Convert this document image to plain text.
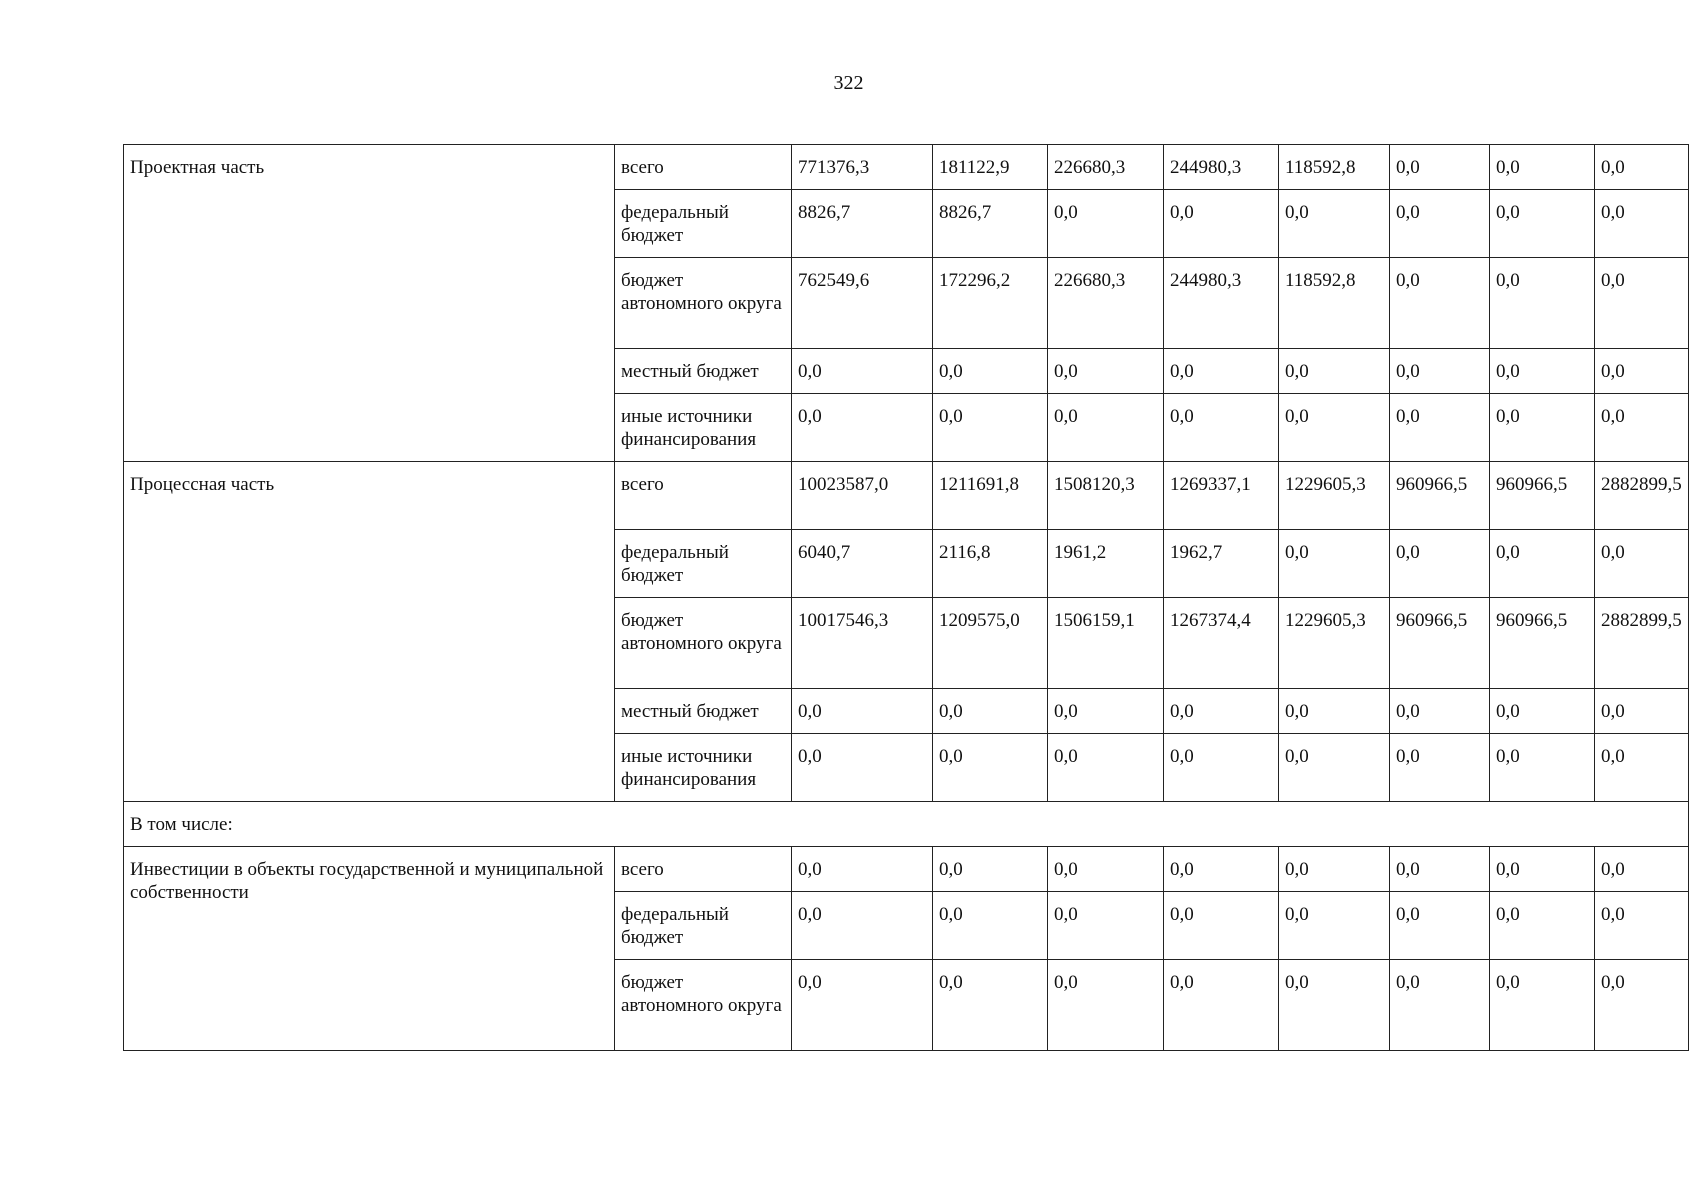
322
Проектная часть	всего	771376,3	181122,9	226680,3	244980,3	118592,8	0,0	0,0	0,0
	федеральный бюджет	8826,7	8826,7	0,0	0,0	0,0	0,0	0,0	0,0
	бюджет автономного округа	762549,6	172296,2	226680,3	244980,3	118592,8	0,0	0,0	0,0
	местный бюджет	0,0	0,0	0,0	0,0	0,0	0,0	0,0	0,0
	иные источники финансирования	0,0	0,0	0,0	0,0	0,0	0,0	0,0	0,0
Процессная часть	всего	10023587,0	1211691,8	1508120,3	1269337,1	1229605,3	960966,5	960966,5	2882899,5
	федеральный бюджет	6040,7	2116,8	1961,2	1962,7	0,0	0,0	0,0	0,0
	бюджет автономного округа	10017546,3	1209575,0	1506159,1	1267374,4	1229605,3	960966,5	960966,5	2882899,5
	местный бюджет	0,0	0,0	0,0	0,0	0,0	0,0	0,0	0,0
	иные источники финансирования	0,0	0,0	0,0	0,0	0,0	0,0	0,0	0,0
В том числе:									
Инвестиции в объекты государственной и муниципальной собственности	всего	0,0	0,0	0,0	0,0	0,0	0,0	0,0	0,0
	федеральный бюджет	0,0	0,0	0,0	0,0	0,0	0,0	0,0	0,0
	бюджет автономного округа	0,0	0,0	0,0	0,0	0,0	0,0	0,0	0,0
